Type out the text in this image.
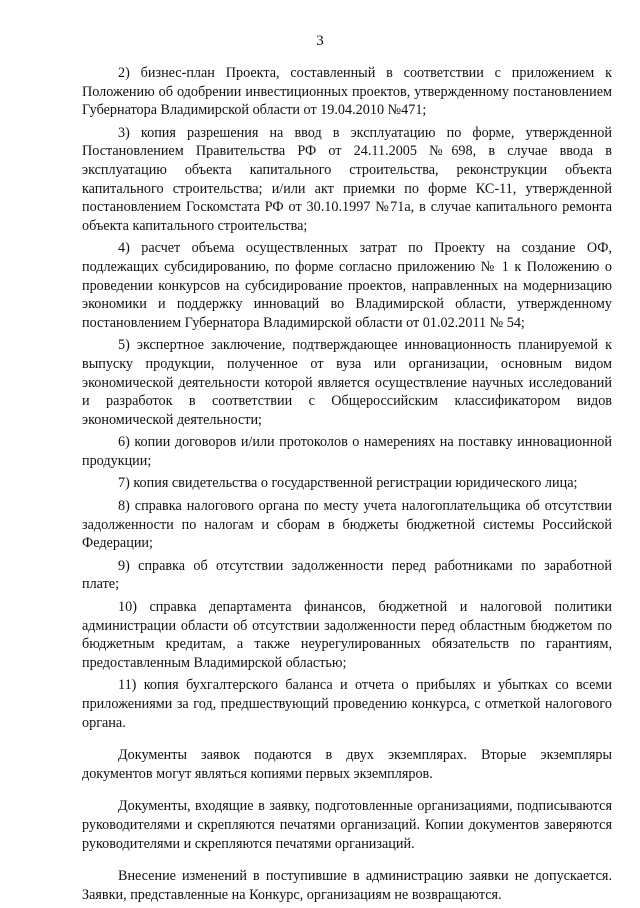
3

2) бизнес-план Проекта, составленный в соответствии с приложением к Положению об одобрении инвестиционных проектов, утвержденному постановлением Губернатора Владимирской области от 19.04.2010 №471;

3) копия разрешения на ввод в эксплуатацию по форме, утвержденной Постановлением Правительства РФ от 24.11.2005 №698, в случае ввода в эксплуатацию объекта капитального строительства, реконструкции объекта капитального строительства; и/или акт приемки по форме КС-11, утвержденной постановлением Госкомстата РФ от 30.10.1997 №71а, в случае капитального ремонта объекта капитального строительства;

4) расчет объема осуществленных затрат по Проекту на создание ОФ, подлежащих субсидированию, по форме согласно приложению № 1 к Положению о проведении конкурсов на субсидирование проектов, направленных на модернизацию экономики и поддержку инноваций во Владимирской области, утвержденному постановлением Губернатора Владимирской области от 01.02.2011 № 54;

5) экспертное заключение, подтверждающее инновационность планируемой к выпуску продукции, полученное от вуза или организации, основным видом экономической деятельности которой является осуществление научных исследований и разработок в соответствии с Общероссийским классификатором видов экономической деятельности;

6) копии договоров и/или протоколов о намерениях на поставку инновационной продукции;

7) копия свидетельства о государственной регистрации юридического лица;

8) справка налогового органа по месту учета налогоплательщика об отсутствии задолженности по налогам и сборам в бюджеты бюджетной системы Российской Федерации;

9) справка об отсутствии задолженности перед работниками по заработной плате;

10) справка департамента финансов, бюджетной и налоговой политики администрации области об отсутствии задолженности перед областным бюджетом по бюджетным кредитам, а также неурегулированных обязательств по гарантиям, предоставленным Владимирской областью;

11) копия бухгалтерского баланса и отчета о прибылях и убытках со всеми приложениями за год, предшествующий проведению конкурса, с отметкой налогового органа.

Документы заявок подаются в двух экземплярах. Вторые экземпляры документов могут являться копиями первых экземпляров.

Документы, входящие в заявку, подготовленные организациями, подписываются руководителями и скрепляются печатями организаций. Копии документов заверяются руководителями и скрепляются печатями организаций.

Внесение изменений в поступившие в администрацию заявки не допускается. Заявки, представленные на Конкурс, организациям не возвращаются.
